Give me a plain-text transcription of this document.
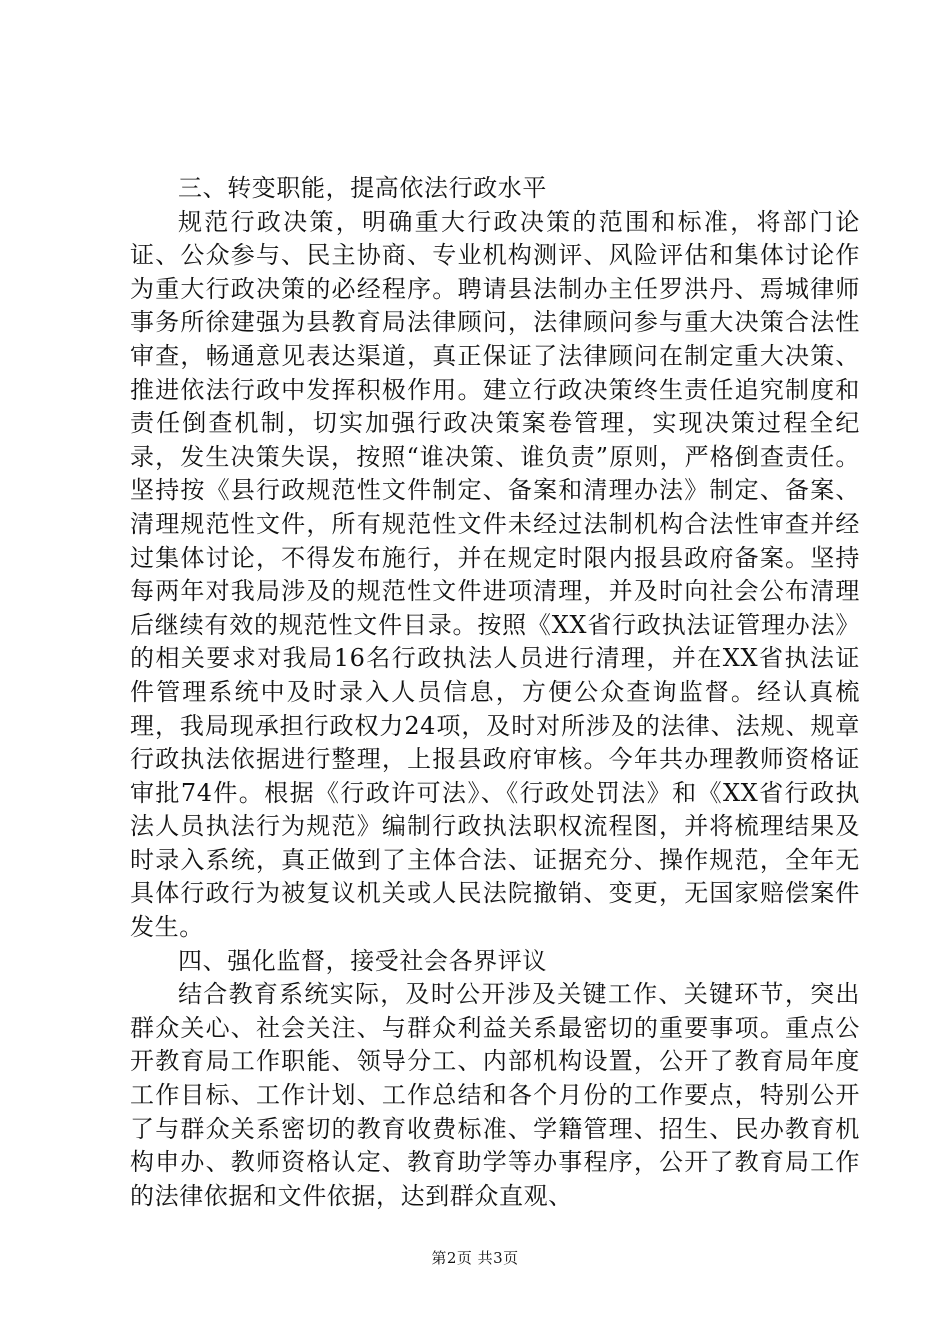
三、转变职能，提高依法行政水平

规范行政决策，明确重大行政决策的范围和标准，将部门论证、公众参与、民主协商、专业机构测评、风险评估和集体讨论作为重大行政决策的必经程序。聘请县法制办主任罗洪丹、焉城律师事务所徐建强为县教育局法律顾问，法律顾问参与重大决策合法性审查，畅通意见表达渠道，真正保证了法律顾问在制定重大决策、推进依法行政中发挥积极作用。建立行政决策终生责任追究制度和责任倒查机制，切实加强行政决策案卷管理，实现决策过程全纪录，发生决策失误，按照“谁决策、谁负责”原则，严格倒查责任。坚持按《县行政规范性文件制定、备案和清理办法》制定、备案、清理规范性文件，所有规范性文件未经过法制机构合法性审查并经过集体讨论，不得发布施行，并在规定时限内报县政府备案。坚持每两年对我局涉及的规范性文件进项清理，并及时向社会公布清理后继续有效的规范性文件目录。按照《XX省行政执法证管理办法》的相关要求对我局16名行政执法人员进行清理，并在XX省执法证件管理系统中及时录入人员信息，方便公众查询监督。经认真梳理，我局现承担行政权力24项，及时对所涉及的法律、法规、规章行政执法依据进行整理，上报县政府审核。今年共办理教师资格证审批74件。根据《行政许可法》、《行政处罚法》和《XX省行政执法人员执法行为规范》编制行政执法职权流程图，并将梳理结果及时录入系统，真正做到了主体合法、证据充分、操作规范，全年无具体行政行为被复议机关或人民法院撤销、变更，无国家赔偿案件发生。

四、强化监督，接受社会各界评议

结合教育系统实际，及时公开涉及关键工作、关键环节，突出群众关心、社会关注、与群众利益关系最密切的重要事项。重点公开教育局工作职能、领导分工、内部机构设置，公开了教育局年度工作目标、工作计划、工作总结和各个月份的工作要点，特别公开了与群众关系密切的教育收费标准、学籍管理、招生、民办教育机构申办、教师资格认定、教育助学等办事程序，公开了教育局工作的法律依据和文件依据，达到群众直观、

第2页 共3页
